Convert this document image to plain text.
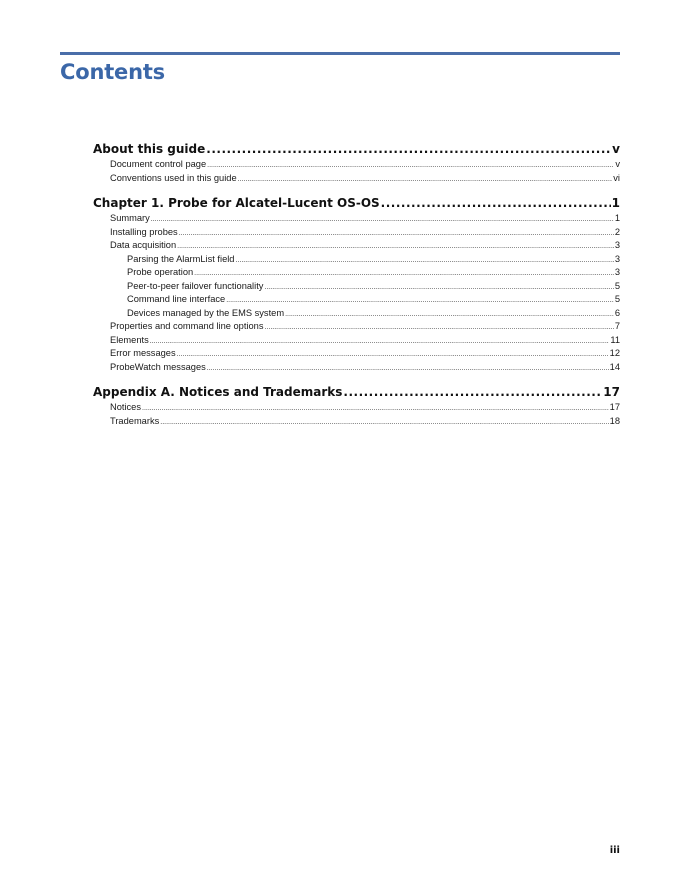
Contents
About this guide .....	v
Document control page .....	v
Conventions used in this guide .....	vi
Chapter 1. Probe for Alcatel-Lucent OS-OS .....	1
Summary .....	1
Installing probes .....	2
Data acquisition .....	3
Parsing the AlarmList field .....	3
Probe operation .....	3
Peer-to-peer failover functionality .....	5
Command line interface .....	5
Devices managed by the EMS system .....	6
Properties and command line options .....	7
Elements .....	11
Error messages .....	12
ProbeWatch messages .....	14
Appendix A. Notices and Trademarks .....	17
Notices .....	17
Trademarks .....	18
iii
